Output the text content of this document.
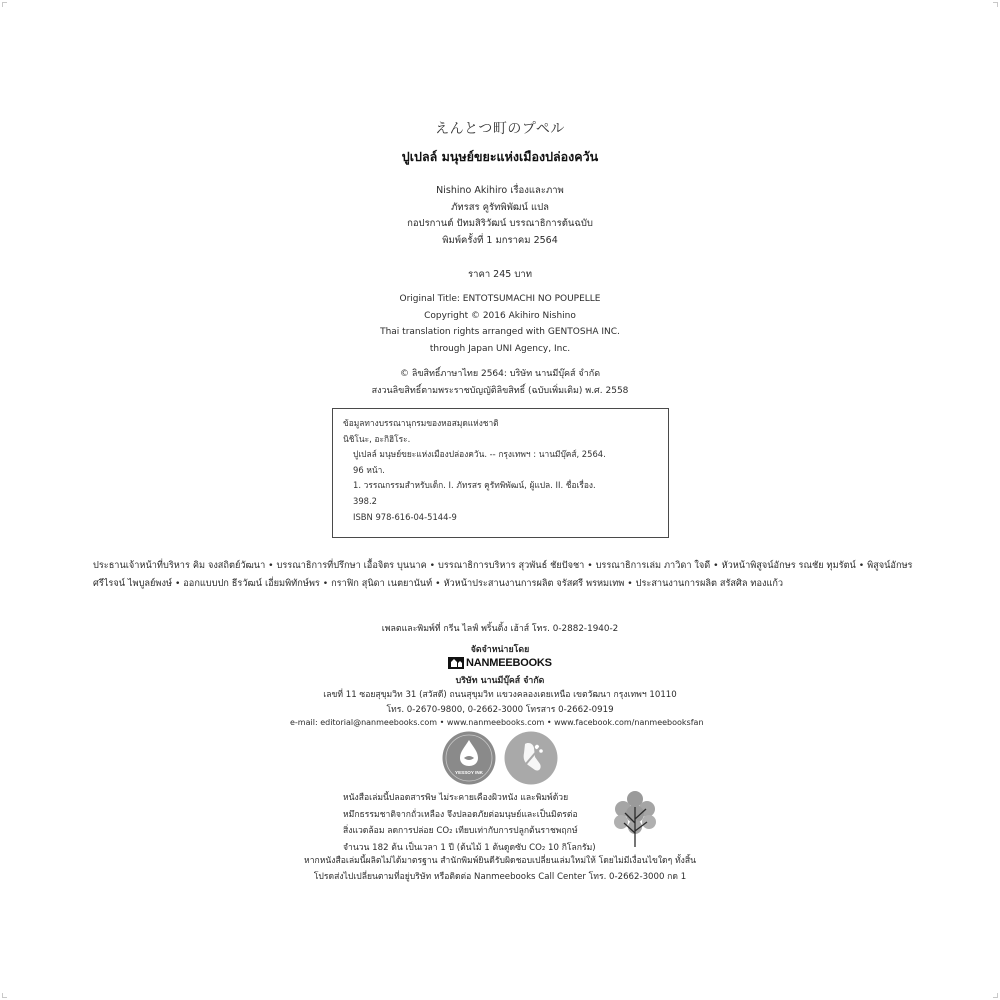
えんとつ町のプペル
ปูเปลล์ มนุษย์ขยะแห่งเมืองปล่องควัน
Nishino Akihiro เรื่องและภาพ
ภัทรสร คูรัทพิพัฒน์ แปล
กอปรกานต์ ปัทมสิริวัฒน์ บรรณาธิการต้นฉบับ
พิมพ์ครั้งที่ 1 มกราคม 2564
ราคา 245 บาท
Original Title: ENTOTSUMACHI NO POUPELLE
Copyright © 2016 Akihiro Nishino
Thai translation rights arranged with GENTOSHA INC.
through Japan UNI Agency, Inc.
© ลิขสิทธิ์ภาษาไทย 2564: บริษัท นานมีบุ๊คส์ จำกัด
สงวนลิขสิทธิ์ตามพระราชบัญญัติลิขสิทธิ์ (ฉบับเพิ่มเติม) พ.ศ. 2558
ข้อมูลทางบรรณานุกรมของหอสมุดแห่งชาติ
นิชิโนะ, อะกิฮิโระ.
ปูเปลล์ มนุษย์ขยะแห่งเมืองปล่องควัน. -- กรุงเทพฯ : นานมีบุ๊คส์, 2564.
96 หน้า.
1. วรรณกรรมสำหรับเด็ก. I. ภัทรสร คูรัทพิพัฒน์, ผู้แปล. II. ชื่อเรื่อง.
398.2
ISBN 978-616-04-5144-9
ประธานเจ้าหน้าที่บริหาร คิม จงสถิตย์วัฒนา • บรรณาธิการที่ปรึกษา เอื้อจิตร บุนนาค • บรรณาธิการบริหาร สุวพันธ์ ชัยปัจชา • บรรณาธิการเล่ม ภาวิดา ใจดี • หัวหน้าพิสูจน์อักษร รณชัย ทุมรัตน์ • พิสูจน์อักษร ศรีไรจน์ ไพบูลย์พงษ์ • ออกแบบปก ธีรวัฒน์ เอี่ยมพิทักษ์พร • กราฟิก สุนิดา เนตยานันท์ • หัวหน้าประสานงานการผลิต จรัสศรี พรหมเทพ • ประสานงานการผลิต สรัสศิล ทองแก้ว
เพลตและพิมพ์ที่ กรีน ไลฟ์ พริ้นติ้ง เฮ้าส์ โทร. 0-2882-1940-2
จัดจำหน่ายโดย
NANMEEBOOKS
บริษัท นานมีบุ๊คส์ จำกัด
เลขที่ 11 ซอยสุขุมวิท 31 (สวัสดี) ถนนสุขุมวิท แขวงคลองเตยเหนือ เขตวัฒนา กรุงเทพฯ 10110
โทร. 0-2670-9800, 0-2662-3000 โทรสาร 0-2662-0919
e-mail: editorial@nanmeebooks.com • www.nanmeebooks.com • www.facebook.com/nanmeebooksfan
YESSOY INK
หนังสือเล่มนี้ปลอดสารพิษ ไม่ระคายเคืองผิวหนัง และพิมพ์ด้วย
หมึกธรรมชาติจากถั่วเหลือง จึงปลอดภัยต่อมนุษย์และเป็นมิตรต่อ
สิ่งแวดล้อม ลดการปล่อย CO₂ เทียบเท่ากับการปลูกต้นราชพฤกษ์
จำนวน 182 ต้น เป็นเวลา 1 ปี (ต้นไม้ 1 ต้นดูดซับ CO₂ 10 กิโลกรัม)
หากหนังสือเล่มนี้ผลิตไม่ได้มาตรฐาน สำนักพิมพ์ยินดีรับผิดชอบเปลี่ยนเล่มใหม่ให้ โดยไม่มีเงื่อนไขใดๆ ทั้งสิ้น
โปรดส่งไปเปลี่ยนตามที่อยู่บริษัท หรือติดต่อ Nanmeebooks Call Center โทร. 0-2662-3000 กด 1
